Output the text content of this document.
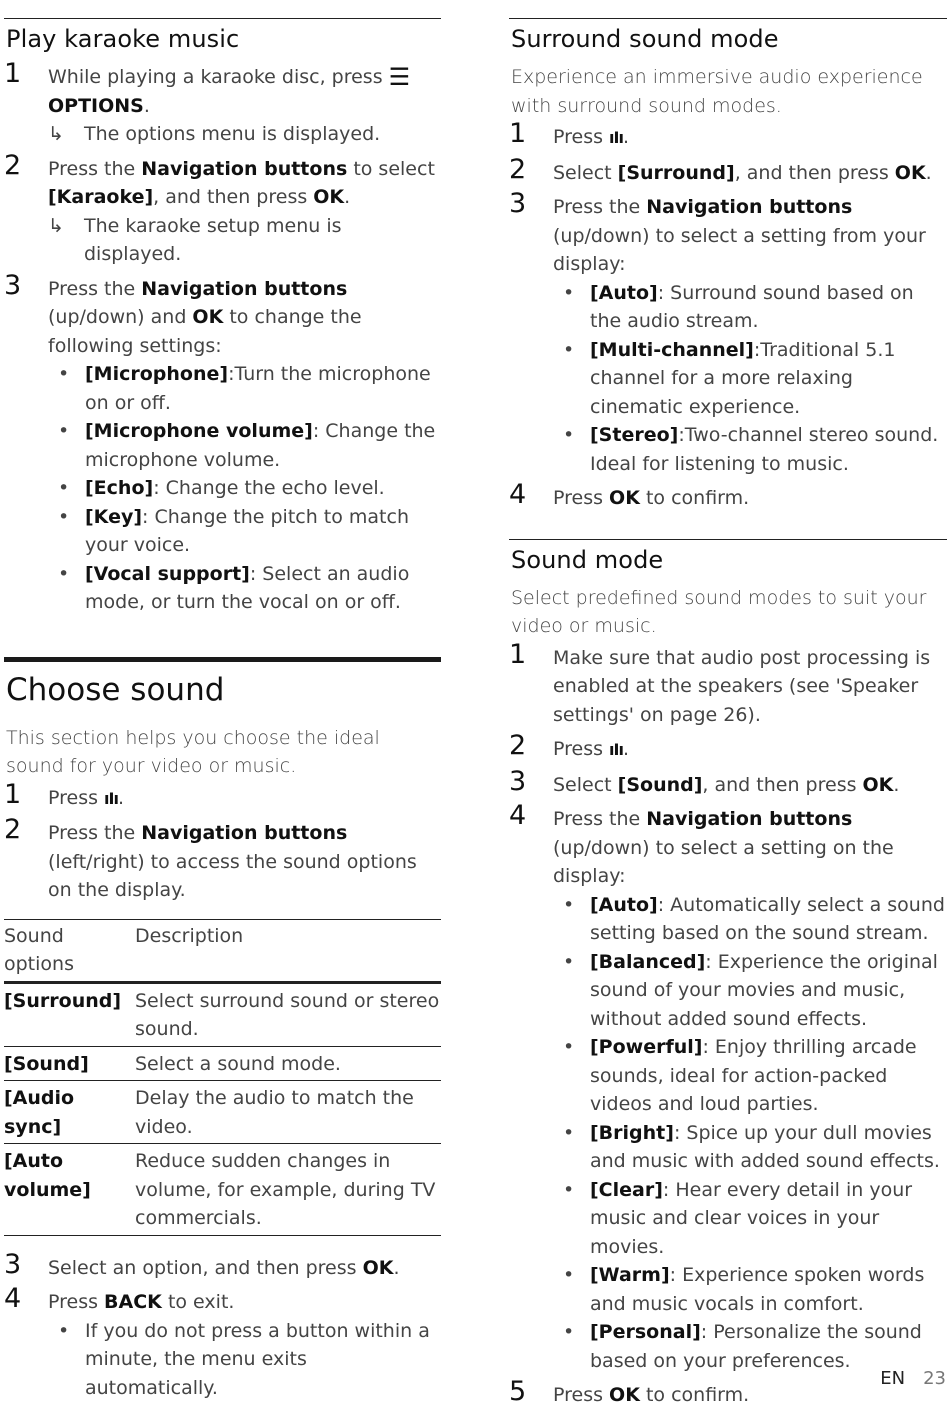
Play karaoke music
1 While playing a karaoke disc, press ☰
OPTIONS.
↳ The options menu is displayed.
2 Press the Navigation buttons to select [Karaoke], and then press OK.
↳ The karaoke setup menu is displayed.
3 Press the Navigation buttons (up/down) and OK to change the following settings:
• [Microphone]:Turn the microphone on or off.
• [Microphone volume]: Change the microphone volume.
• [Echo]: Change the echo level.
• [Key]: Change the pitch to match your voice.
• [Vocal support]: Select an audio mode, or turn the vocal on or off.
Choose sound
This section helps you choose the ideal sound for your video or music.
1 Press ıIı.
2 Press the Navigation buttons (left/right) to access the sound options on the display.
Sound options	Description
[Surround]	Select surround sound or stereo sound.
[Sound]	Select a sound mode.
[Audio sync]	Delay the audio to match the video.
[Auto volume]	Reduce sudden changes in volume, for example, during TV commercials.
3 Select an option, and then press OK.
4 Press BACK to exit.
• If you do not press a button within a minute, the menu exits automatically.
Surround sound mode
Experience an immersive audio experience with surround sound modes.
1 Press ıIı.
2 Select [Surround], and then press OK.
3 Press the Navigation buttons (up/down) to select a setting from your display:
• [Auto]: Surround sound based on the audio stream.
• [Multi-channel]:Traditional 5.1 channel for a more relaxing cinematic experience.
• [Stereo]:Two-channel stereo sound. Ideal for listening to music.
4 Press OK to confirm.
Sound mode
Select predefined sound modes to suit your video or music.
1 Make sure that audio post processing is enabled at the speakers (see 'Speaker settings' on page 26).
2 Press ıIı.
3 Select [Sound], and then press OK.
4 Press the Navigation buttons (up/down) to select a setting on the display:
• [Auto]: Automatically select a sound setting based on the sound stream.
• [Balanced]: Experience the original sound of your movies and music, without added sound effects.
• [Powerful]: Enjoy thrilling arcade sounds, ideal for action-packed videos and loud parties.
• [Bright]: Spice up your dull movies and music with added sound effects.
• [Clear]: Hear every detail in your music and clear voices in your movies.
• [Warm]: Experience spoken words and music vocals in comfort.
• [Personal]: Personalize the sound based on your preferences.
5 Press OK to confirm.
EN 23
